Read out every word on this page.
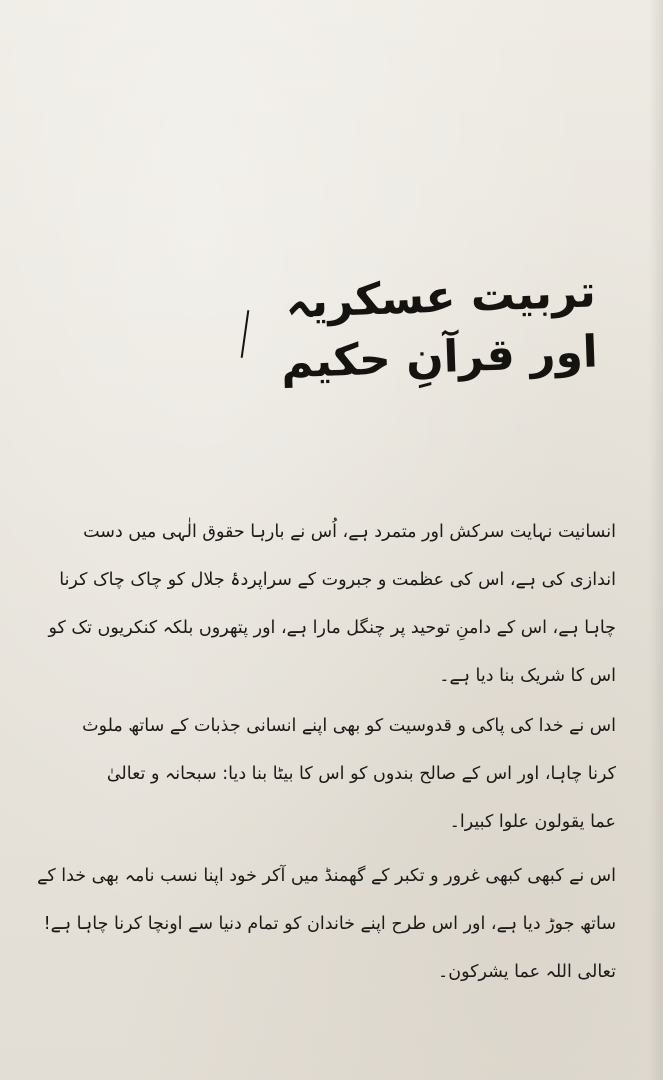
تربیت عسکریہ اور قرآنِ حکیم

انسانیت نہایت سرکش اور متمرد ہے، اُس نے بارہا حقوق الٰہی میں دست
اندازی کی ہے، اس کی عظمت و جبروت کے سراپردۂ جلال کو چاک چاک کرنا
چاہا ہے، اس کے دامنِ توحید پر چنگل مارا ہے، اور پتھروں بلکہ کنکریوں تک کو
اس کا شریک بنا دیا ہے۔

اس نے خدا کی پاکی و قدوسیت کو بھی اپنے انسانی جذبات کے ساتھ ملوث
کرنا چاہا، اور اس کے صالح بندوں کو اس کا بیٹا بنا دیا: سبحانہ و تعالیٰ
عما یقولون علوا کبیرا۔

اس نے کبھی کبھی غرور و تکبر کے گھمنڈ میں آکر خود اپنا نسب نامہ بھی خدا کے
ساتھ جوڑ دیا ہے، اور اس طرح اپنے خاندان کو تمام دنیا سے اونچا کرنا چاہا ہے!
تعالی اللہ عما یشرکون۔
